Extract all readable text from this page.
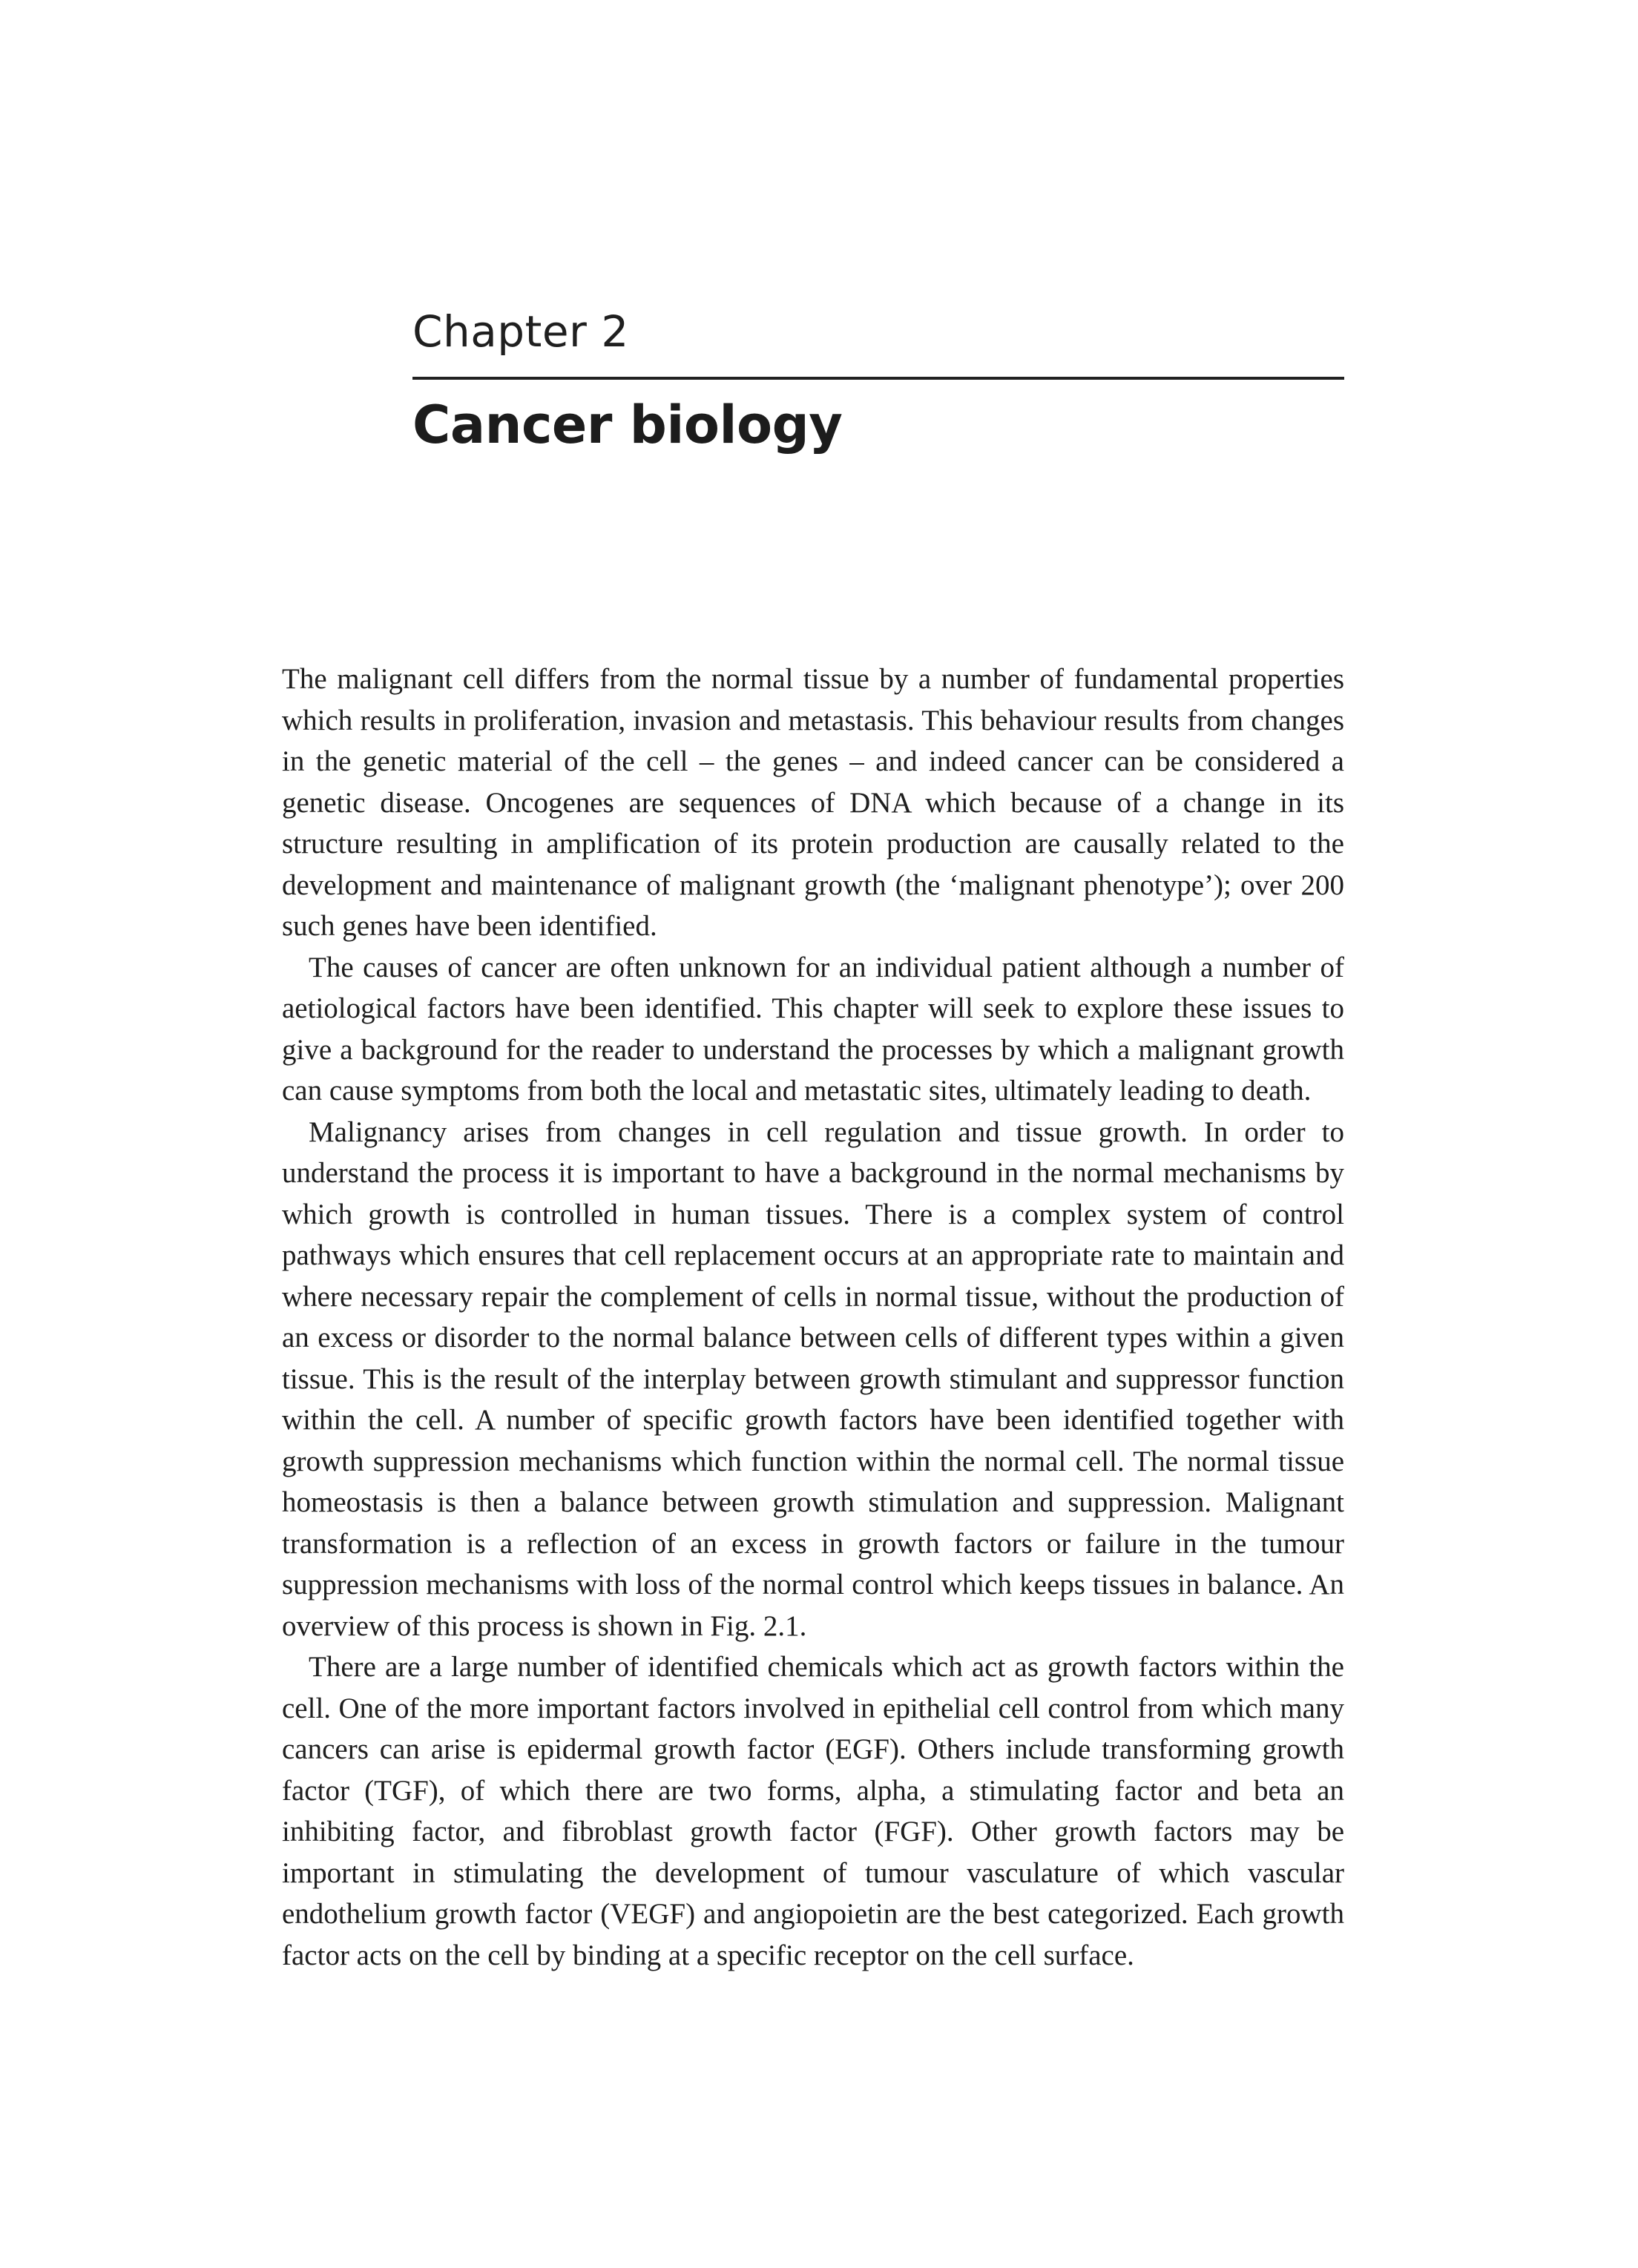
Chapter 2
Cancer biology

The malignant cell differs from the normal tissue by a number of fundamental properties which results in proliferation, invasion and metastasis. This behaviour results from changes in the genetic material of the cell – the genes – and indeed cancer can be considered a genetic disease. Oncogenes are sequences of DNA which because of a change in its structure resulting in amplification of its protein production are causally related to the development and maintenance of malignant growth (the ‘malignant phenotype’); over 200 such genes have been identified.

The causes of cancer are often unknown for an individual patient although a number of aetiological factors have been identified. This chapter will seek to explore these issues to give a background for the reader to understand the processes by which a malignant growth can cause symptoms from both the local and metastatic sites, ultimately leading to death.

Malignancy arises from changes in cell regulation and tissue growth. In order to understand the process it is important to have a background in the normal mechanisms by which growth is controlled in human tissues. There is a complex system of control pathways which ensures that cell replacement occurs at an appropriate rate to maintain and where necessary repair the complement of cells in normal tissue, without the production of an excess or disorder to the normal balance between cells of different types within a given tissue. This is the result of the interplay between growth stimulant and suppressor function within the cell. A number of specific growth factors have been identified together with growth suppression mechanisms which function within the normal cell. The normal tissue homeostasis is then a balance between growth stimulation and suppression. Malignant transformation is a reflection of an excess in growth factors or failure in the tumour suppression mechanisms with loss of the normal control which keeps tissues in balance. An overview of this process is shown in Fig. 2.1.

There are a large number of identified chemicals which act as growth factors within the cell. One of the more important factors involved in epithelial cell control from which many cancers can arise is epidermal growth factor (EGF). Others include transforming growth factor (TGF), of which there are two forms, alpha, a stimulating factor and beta an inhibiting factor, and fibroblast growth factor (FGF). Other growth factors may be important in stimulating the development of tumour vasculature of which vascular endothelium growth factor (VEGF) and angiopoietin are the best categorized. Each growth factor acts on the cell by binding at a specific receptor on the cell surface.
